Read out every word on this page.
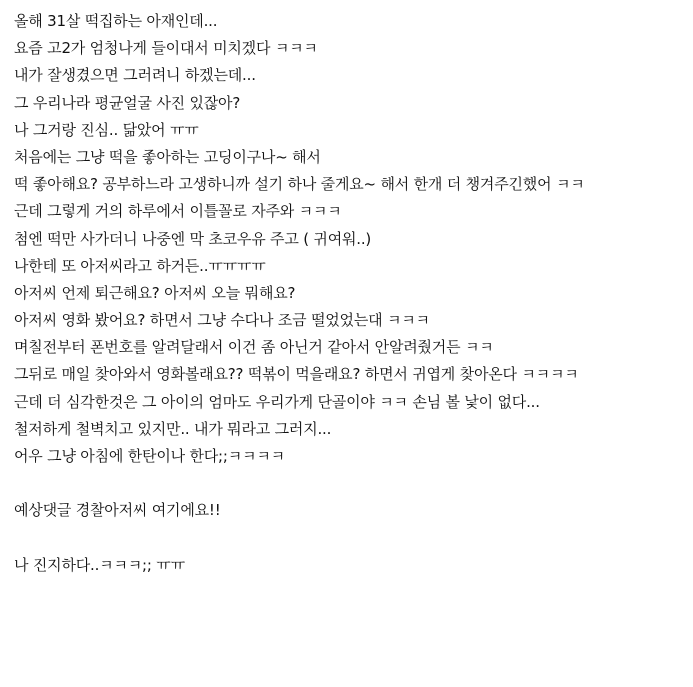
올해 31살 떡집하는 아재인데...
요즘 고2가 엄청나게 들이대서 미치겠다 ㅋㅋㅋ
내가 잘생겼으면 그러려니 하겠는데...
그 우리나라 평균얼굴 사진 있잖아?
나 그거랑 진심.. 닮았어 ㅠㅠ
처음에는 그냥 떡을 좋아하는 고딩이구나~ 해서
떡 좋아해요? 공부하느라 고생하니까 설기 하나 줄게요~ 해서 한개 더 챙겨주긴했어 ㅋㅋ
근데 그렇게 거의 하루에서 이틀꼴로 자주와 ㅋㅋㅋ
첨엔 떡만 사가더니 나중엔 막 초코우유 주고 ( 귀여워..)
나한테 또 아저씨라고 하거든..ㅠㅠㅠㅠ
아저씨 언제 퇴근해요? 아저씨 오늘 뭐해요?
아저씨 영화 봤어요? 하면서 그냥 수다나 조금 떨었었는대 ㅋㅋㅋ
며칠전부터 폰번호를 알려달래서 이건 좀 아닌거 같아서 안알려줬거든 ㅋㅋ
그뒤로 매일 찾아와서 영화볼래요?? 떡볶이 먹을래요? 하면서 귀엽게 찾아온다 ㅋㅋㅋㅋ
근데 더 심각한것은 그 아이의 엄마도 우리가게 단골이야 ㅋㅋ 손님 볼 낯이 없다...
철저하게 철벽치고 있지만.. 내가 뭐라고 그러지...
어우 그냥 아침에 한탄이나 한다;;ㅋㅋㅋㅋ
예상댓글 경찰아저씨 여기에요!!
나 진지하다..ㅋㅋㅋ;; ㅠㅠ
